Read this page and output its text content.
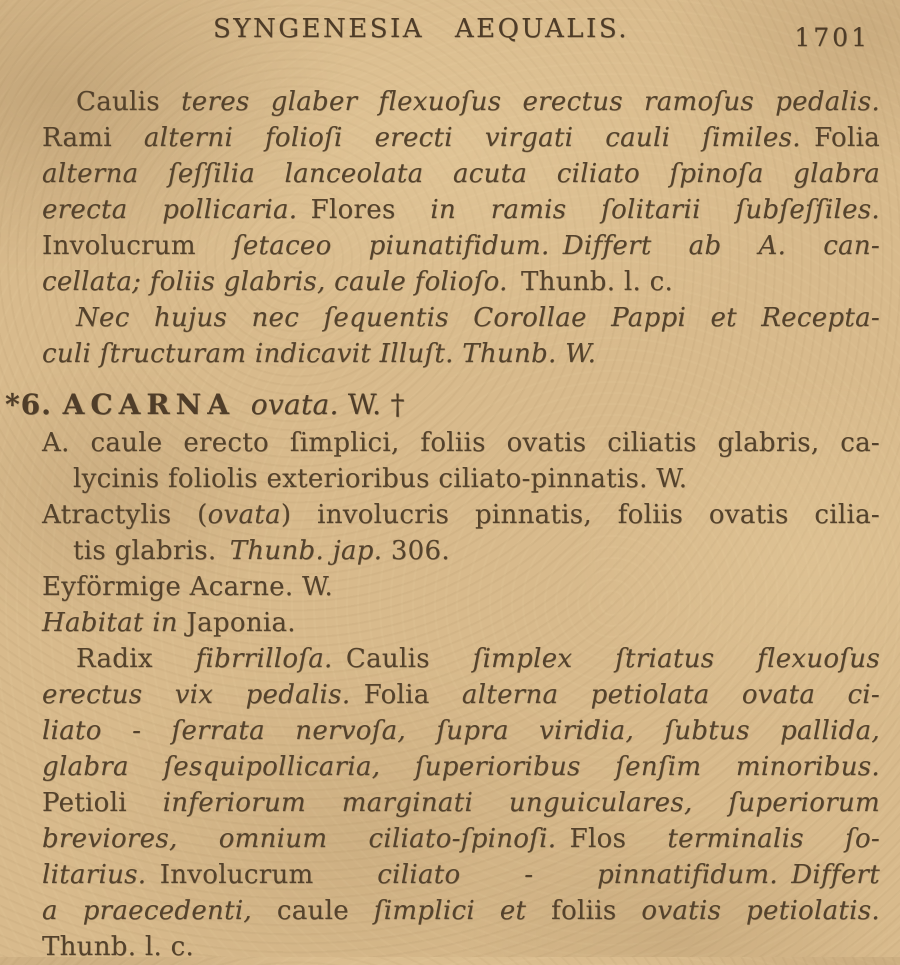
SYNGENESIA AEQUALIS.	1701
Caulis teres glaber flexuoſus erectus ramoſus pedalis.
Rami alterni folioſi erecti virgati cauli ſimiles. Folia
alterna ſeſſilia lanceolata acuta ciliato ſpinoſa glabra
erecta pollicaria. Flores in ramis ſolitarii ſubſeſſiles.
Involucrum ſetaceo piunatifidum. Differt ab A. can-
cellata; foliis glabris, caule folioſo. Thunb. l. c.
Nec hujus nec ſequentis Corollae Pappi et Recepta-
culi ſtructuram indicavit Illuſt. Thunb. W.
*6. ACARNA ovata. W. †
A. caule erecto ſimplici, foliis ovatis ciliatis glabris, ca-
lycinis foliolis exterioribus ciliato-pinnatis. W.
Atractylis (ovata) involucris pinnatis, foliis ovatis cilia-
tis glabris. Thunb. jap. 306.
Eyförmige Acarne. W.
Habitat in Japonia.
Radix fibrrilloſa. Caulis ſimplex ſtriatus flexuoſus
erectus vix pedalis. Folia alterna petiolata ovata ci-
liato - ſerrata nervoſa, ſupra viridia, ſubtus pallida,
glabra ſesquipollicaria, ſuperioribus ſenſim minoribus.
Petioli inferiorum marginati unguiculares, ſuperiorum
breviores, omnium ciliato-ſpinoſi. Flos terminalis ſo-
litarius. Involucrum ciliato - pinnatifidum. Differt
a praecedenti, caule ſimplici et foliis ovatis petiolatis.
Thunb. l. c.
